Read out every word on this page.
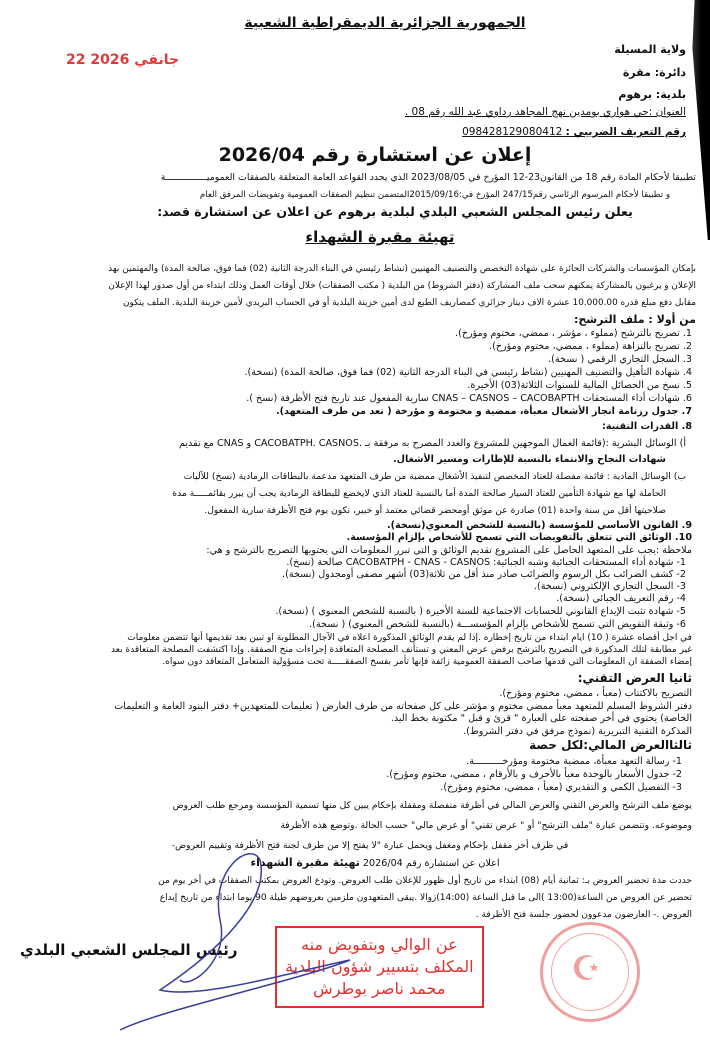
الجمهورية الجزائرية الديمقراطية الشعبية
22 جانفي 2026
ولاية المسيلة
دائرة: مقرة
بلدية: برهوم
العنوان :حي هواري بومدين نهج المجاهد رداوي عبد الله رقم 08 .
رقم التعريف الضريبي : 098428129080412
إعلان عن استشارة رقم 2026/04
تطبيقا لأحكام المادة رقم 18 من القانون23-12 المؤرخ في 2023/08/05 الذي يحدد القواعد العامة المتعلقة بالصفقات العموميـــــــــــــــة
و تطبيقا لأحكام المرسوم الرئاسي رقم247/15 المؤرخ في:2015/09/16المتضمن تنظيم الصفقات العمومية وتفويضات المرفق العام
يعلن رئيس المجلس الشعبي البلدي لبلدية برهوم عن اعلان عن استشارة قصد:
تهيئة مقبرة الشهداء
بإمكان المؤسسات والشركات الحائزة على شهادة التخصص والتصنيف المهنيين (نشاط رئيسي في البناء الدرجة الثانية (02) فما فوق، صالحة المدة) والمهتمين بهذ
الإعلان و يرغبون بالمشاركة يمكنهم سحب ملف المشاركة (دفتر الشروط) من البلدية ( مكتب الصفقات) خلال أوقات العمل وذلك ابتداء من أول صدور لهذا الإعلان
مقابل دفع مبلغ قدره 10.000.00 عشرة الاف دينار جزائري كمصاريف الطبع لدى أمين خزينة البلدية أو في الحساب البريدي لأمين خزينة البلدية. الملف يتكون
من أولا : ملف الترشح:
1. تصريح بالترشح (مملوء ، مؤشر ، ممضي، مختوم ومؤرخ).
2. تصريح بالنزاهة (مملوء ، ممضي، مختوم ومؤرخ).
3. السجل التجاري الرقمي ( نسخة).
4. شهادة التأهيل والتصنيف المهنيين (نشاط رئيسي في البناء الدرجة الثانية (02) فما فوق، صالحة المدة) (نسخة).
5. نسخ من الحصائل المالية للسنوات الثلاثة(03) الأخيرة.
6. شهادات أداء المستحقات CNAS – CASNOS – CACOBAPTH سارية المفعول عند تاريخ فتح الأظرفة (نسخ ).
7. جدول رزنامة انجاز الأشغال معبأة، ممضية و مختومة و مؤرخة ( تعد من طرف المتعهد).
8. القدرات التقنية:
أ) الوسائل البشرية :(قائمة العمال الموجهين للمشروع والعدد المصرح به مرفقة بـ .CACOBATPH. CASNOS و CNAS مع تقديم
شهادات النجاح والانتماء بالنسبة للإطارات ومسير الأشغال.
ب) الوسائل المادية : قائمة مفصلة للعتاد المخصص لتنفيذ الأشغال ممضية من طرف المتعهد مدعمة بالبطاقات الرمادية (نسخ) للآليات
الحاملة لها مع شهادة التأمين للعتاد السيار صالحة المدة أما بالنسبة للعتاد الذي لايخضع للبطاقة الرمادية يجب أن يبرر بقائمـــــة مدة
صلاحيتها أقل من سنة واحدة (01) صادرة عن موثق أومحضر قضائي معتمد أو خبير، تكون يوم فتح الأظرفة سارية المفعول.
9. القانون الأساسي للمؤسسة (بالنسبة للشخص المعنوي(نسخة).
10. الوثائق التي تتعلق بالتفويضات التي تسمح للأشخاص بإلزام المؤسسة.
ملاحظة :يجب على المتعهد الحاصل على المشروع تقديم الوثائق و التي تبرر المعلومات التي يحتويها التصريح بالترشح و هي:
1- شهادة أداء المستحقات الجبائية وشبه الجبائية: CACOBATPH - CNAS - CASNOS صالحة (نسخ).
2- كشف الضرائب بكل الرسوم والضرائب صادر منذ أقل من ثلاثة(03) أشهر مصفى أومجدول (نسخة).
3- السجل التجاري الإلكتروني (نسخة).
4- رقم التعريف الجبائي (نسخة).
5- شهادة تثبت الإيداع القانوني للحسابات الاجتماعية للسنة الأخيرة ( بالنسبة للشخص المعنوي ) (نسخة).
6- وثيقة التفويض التي تسمح للأشخاص بإلزام المؤسســـة (بالنسبة للشخص المعنوي) ( نسخة).
في اجل أقصاه عشرة ( 10) ايام ابتداء من تاريخ إخطاره .إذا لم يقدم الوثائق المذكورة اعلاه في الآجال المطلوبة او تبين بعد تقديمها أنها تتضمن معلومات
غير مطابقة لتلك المذكورة في التصريح بالترشح برفض عرض المعني و تستأنف المصلحة المتعاقدة إجراءات منح الصفقة. وإذا اكتشفت المصلحة المتعاقدة بعد
إمضاء الصفقة ان المعلومات التي قدمها صاحب الصفقة العمومية زائفة فإنها تأمر بفسخ الصفقـــــة تحت مسؤولية المتعامل المتعاقد دون سواه.
ثانيا العرض التقني:
التصريح بالاكتتاب (معبأ ، ممضي، مختوم ومؤرخ).
دفتر الشروط المسلم للمتعهد معبأ ممضي مختوم و مؤشر على كل صفحاته من طرف العارض ( تعليمات للمتعهدين+ دفتر البنود العامة و التعليمات
الخاصة) يحتوي في أخر صفحته على العبارة " قرئ و قبل " مكتوبة بخط اليد.
المذكرة التقنية التبريرية (نموذج مرفق في دفتر الشروط).
ثالثاالعرض المالي:لكل حصة
1- رسالة التعهد معبأة، ممضية مختومة ومؤرخــــــــــة.
2- جدول الأسعار بالوحدة معبأ بالأحرف و بالأرقام ، ممضي، مختوم ومؤرخ).
3- التفصيل الكمي و التقديري (معبأ ، ممضي، مختوم ومؤرخ).
يوضع ملف الترشح والعرض التقني والعرض المالي في أظرفة منفصلة ومقفلة بإحكام يبين كل منها تسمية المؤسسة ومرجع طلب العروض
وموضوعه. وتتضمن عبارة "ملف الترشح" أو " عرض تقني" أو عرض مالي" حسب الحالة .وتوضع هذه الأظرفة
في ظرف أخر مقفل بإحكام ومغفل ويحمل عبارة "لا يفتح إلا من طرف لجنة فتح الأظرفة وتقييم العروض-
اعلان عن استشارة رقم 2026/04 تهيئة مقبرة الشهداء
حددت مدة تحضير العروض بـ: ثمانية أيام (08) ابتداء من تاريخ أول ظهور للإعلان طلب العروض. وتودع العروض بمكتب الصفقات في أخر يوم من
تحضير عن العروض من الساعة(13:00 )الى ما قبل الساعة (14:00)زوالا .يبقى المتعهدون ملزمين بعروضهم طيلة 90 يوما ابتداء من تاريخ إيداع
العروض .- العارضون مدعوون لحضور جلسة فتح الأظرفة .
☪
عن الوالي وبتفويض منه
المكلف بتسيير شؤون البلدية
محمد ناصر بوطرش
رئيس المجلس الشعبي البلدي
